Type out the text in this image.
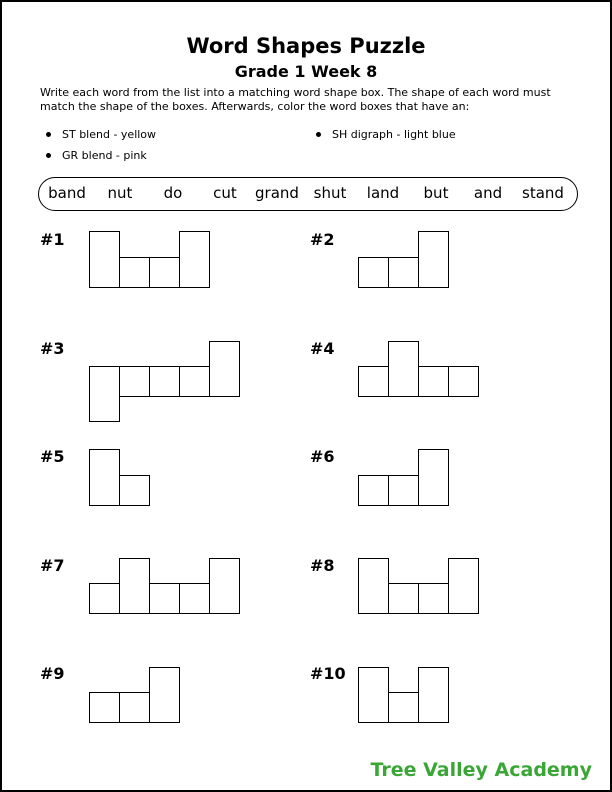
Word Shapes Puzzle
Grade 1 Week 8
Write each word from the list into a matching word shape box. The shape of each word must match the shape of the boxes. Afterwards, color the word boxes that have an:
ST blend - yellow	SH digraph - light blue
GR blend - pink
band nut do cut grand shut land but and stand
#1	#2
#3	#4
#5	#6
#7	#8
#9	#10
Tree Valley Academy
